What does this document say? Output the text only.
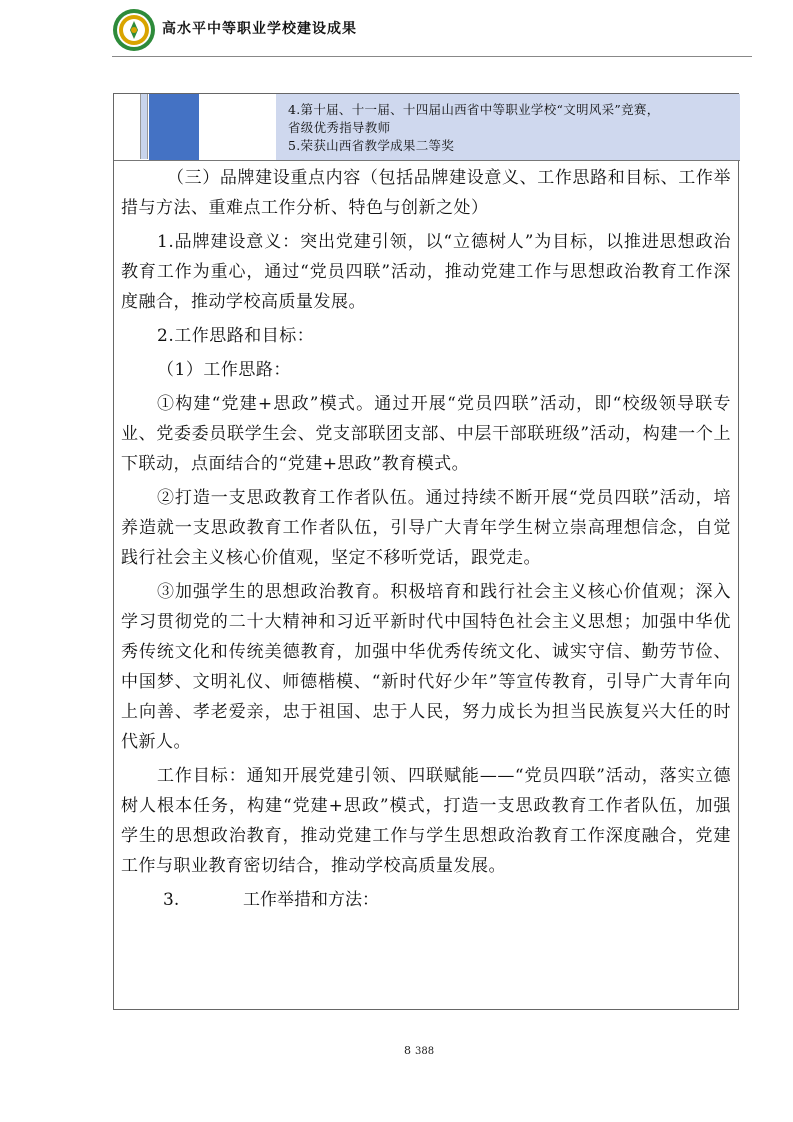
高水平中等职业学校建设成果

4.第十届、十一届、十四届山西省中等职业学校“文明风采”竞赛，

省级优秀指导教师

5.荣获山西省教学成果二等奖

（三）品牌建设重点内容（包括品牌建设意义、工作思路和目标、工作举措与方法、重难点工作分析、特色与创新之处）

1.品牌建设意义：突出党建引领，以“立德树人”为目标，以推进思想政治教育工作为重心，通过“党员四联”活动，推动党建工作与思想政治教育工作深度融合，推动学校高质量发展。

2.工作思路和目标：

（1）工作思路：

①构建“党建+思政”模式。通过开展“党员四联”活动，即“校级领导联专业、党委委员联学生会、党支部联团支部、中层干部联班级”活动，构建一个上下联动，点面结合的“党建+思政”教育模式。

②打造一支思政教育工作者队伍。通过持续不断开展“党员四联”活动，培养造就一支思政教育工作者队伍，引导广大青年学生树立崇高理想信念，自觉践行社会主义核心价值观，坚定不移听党话，跟党走。

③加强学生的思想政治教育。积极培育和践行社会主义核心价值观；深入学习贯彻党的二十大精神和习近平新时代中国特色社会主义思想；加强中华优秀传统文化和传统美德教育，加强中华优秀传统文化、诚实守信、勤劳节俭、中国梦、文明礼仪、师德楷模、“新时代好少年”等宣传教育，引导广大青年向上向善、孝老爱亲，忠于祖国、忠于人民，努力成长为担当民族复兴大任的时代新人。

工作目标：通知开展党建引领、四联赋能——“党员四联”活动，落实立德树人根本任务，构建“党建+思政”模式，打造一支思政教育工作者队伍，加强学生的思想政治教育，推动党建工作与学生思想政治教育工作深度融合，党建工作与职业教育密切结合，推动学校高质量发展。

3.	工作举措和方法：

8 388
